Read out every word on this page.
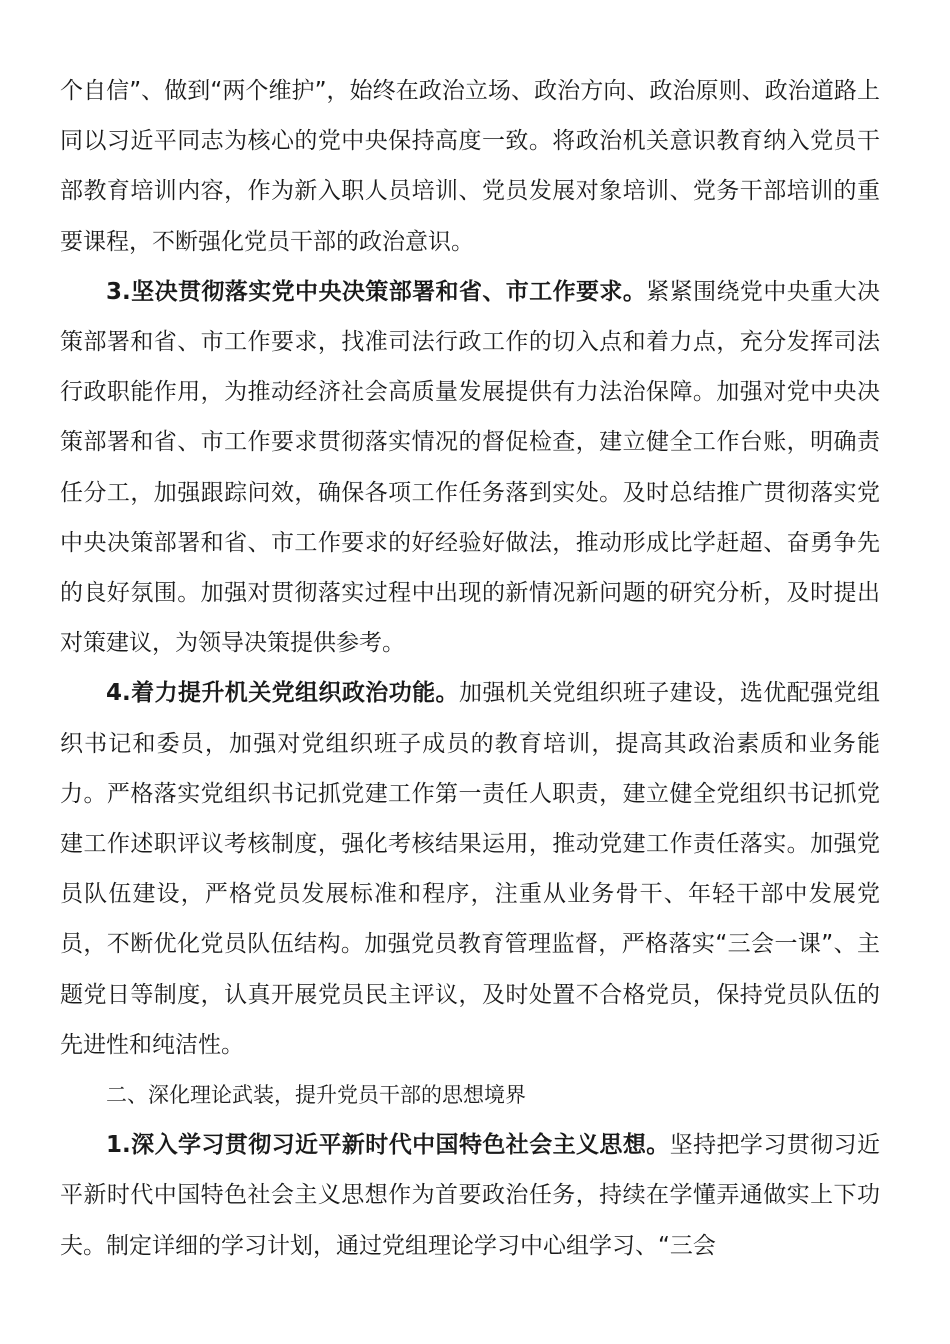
个自信”、做到“两个维护”，始终在政治立场、政治方向、政治原则、政治道路上同以习近平同志为核心的党中央保持高度一致。将政治机关意识教育纳入党员干部教育培训内容，作为新入职人员培训、党员发展对象培训、党务干部培训的重要课程，不断强化党员干部的政治意识。

3.坚决贯彻落实党中央决策部署和省、市工作要求。紧紧围绕党中央重大决策部署和省、市工作要求，找准司法行政工作的切入点和着力点，充分发挥司法行政职能作用，为推动经济社会高质量发展提供有力法治保障。加强对党中央决策部署和省、市工作要求贯彻落实情况的督促检查，建立健全工作台账，明确责任分工，加强跟踪问效，确保各项工作任务落到实处。及时总结推广贯彻落实党中央决策部署和省、市工作要求的好经验好做法，推动形成比学赶超、奋勇争先的良好氛围。加强对贯彻落实过程中出现的新情况新问题的研究分析，及时提出对策建议，为领导决策提供参考。

4.着力提升机关党组织政治功能。加强机关党组织班子建设，选优配强党组织书记和委员，加强对党组织班子成员的教育培训，提高其政治素质和业务能力。严格落实党组织书记抓党建工作第一责任人职责，建立健全党组织书记抓党建工作述职评议考核制度，强化考核结果运用，推动党建工作责任落实。加强党员队伍建设，严格党员发展标准和程序，注重从业务骨干、年轻干部中发展党员，不断优化党员队伍结构。加强党员教育管理监督，严格落实“三会一课”、主题党日等制度，认真开展党员民主评议，及时处置不合格党员，保持党员队伍的先进性和纯洁性。

二、深化理论武装，提升党员干部的思想境界

1.深入学习贯彻习近平新时代中国特色社会主义思想。坚持把学习贯彻习近平新时代中国特色社会主义思想作为首要政治任务，持续在学懂弄通做实上下功夫。制定详细的学习计划，通过党组理论学习中心组学习、“三会
